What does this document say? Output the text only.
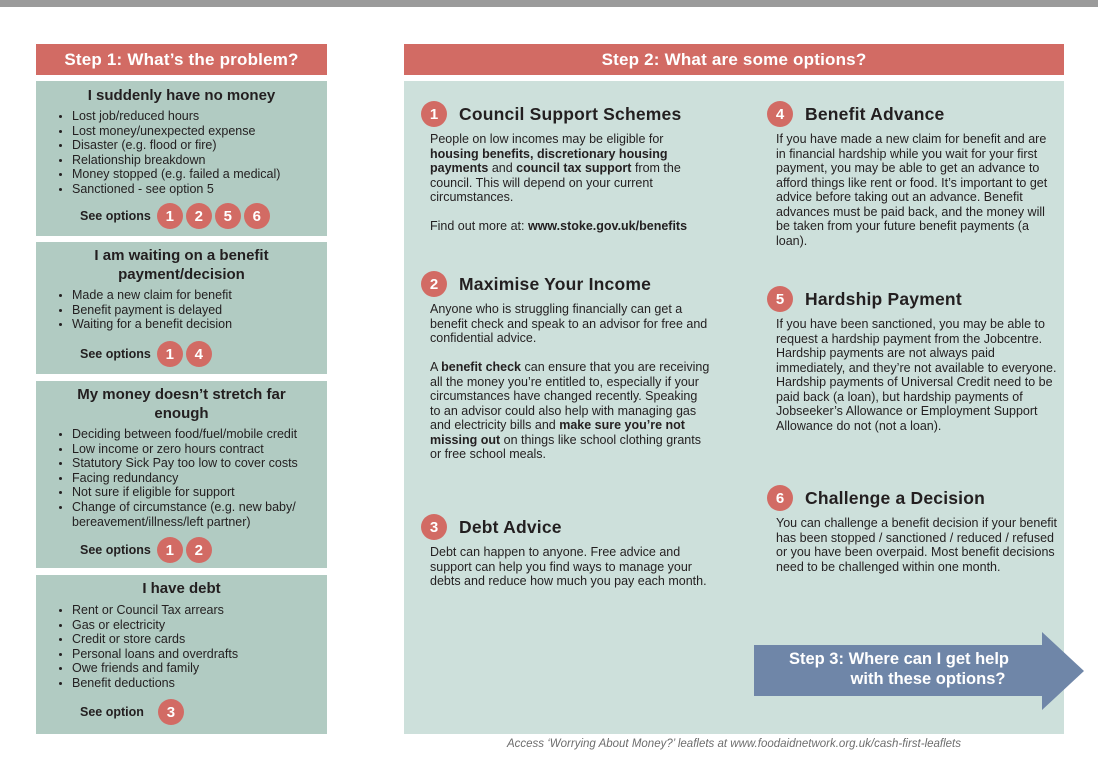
Step 1: What’s the problem?
I suddenly have no money
Lost job/reduced hours
Lost money/unexpected expense
Disaster (e.g. flood or fire)
Relationship breakdown
Money stopped (e.g. failed a medical)
Sanctioned - see option 5
See options 1	2	5	6
I am waiting on a benefit payment/decision
Made a new claim for benefit
Benefit payment is delayed
Waiting for a benefit decision
See options 1	4
My money doesn’t stretch far enough
Deciding between food/fuel/mobile credit
Low income or zero hours contract
Statutory Sick Pay too low to cover costs
Facing redundancy
Not sure if eligible for support
Change of circumstance (e.g. new baby/ bereavement/illness/left partner)
See options 1	2
I have debt
Rent or Council Tax arrears
Gas or electricity
Credit or store cards
Personal loans and overdrafts
Owe friends and family
Benefit deductions
See option	3
Step 2: What are some options?
1	Council Support Schemes

People on low incomes may be eligible for housing benefits, discretionary housing payments and council tax support from the council. This will depend on your current circumstances.

Find out more at: www.stoke.gov.uk/benefits

2	Maximise Your Income

Anyone who is struggling financially can get a benefit check and speak to an advisor for free and confidential advice.

A benefit check can ensure that you are receiving all the money you’re entitled to, especially if your circumstances have changed recently. Speaking to an advisor could also help with managing gas and electricity bills and make sure you’re not missing out on things like school clothing grants or free school meals.

3	Debt Advice

Debt can happen to anyone. Free advice and support can help you find ways to manage your debts and reduce how much you pay each month.

4	Benefit Advance

If you have made a new claim for benefit and are in financial hardship while you wait for your first payment, you may be able to get an advance to afford things like rent or food. It’s important to get advice before taking out an advance. Benefit advances must be paid back, and the money will be taken from your future benefit payments (a loan).

5	Hardship Payment

If you have been sanctioned, you may be able to request a hardship payment from the Jobcentre. Hardship payments are not always paid immediately, and they’re not available to everyone. Hardship payments of Universal Credit need to be paid back (a loan), but hardship payments of Jobseeker’s Allowance or Employment Support Allowance do not (not a loan).

6	Challenge a Decision

You can challenge a benefit decision if your benefit has been stopped / sanctioned / reduced / refused or you have been overpaid. Most benefit decisions need to be challenged within one month.

Step 3: Where can I get help
with these options?
Access ‘Worrying About Money?’ leaflets at www.foodaidnetwork.org.uk/cash-first-leaflets
